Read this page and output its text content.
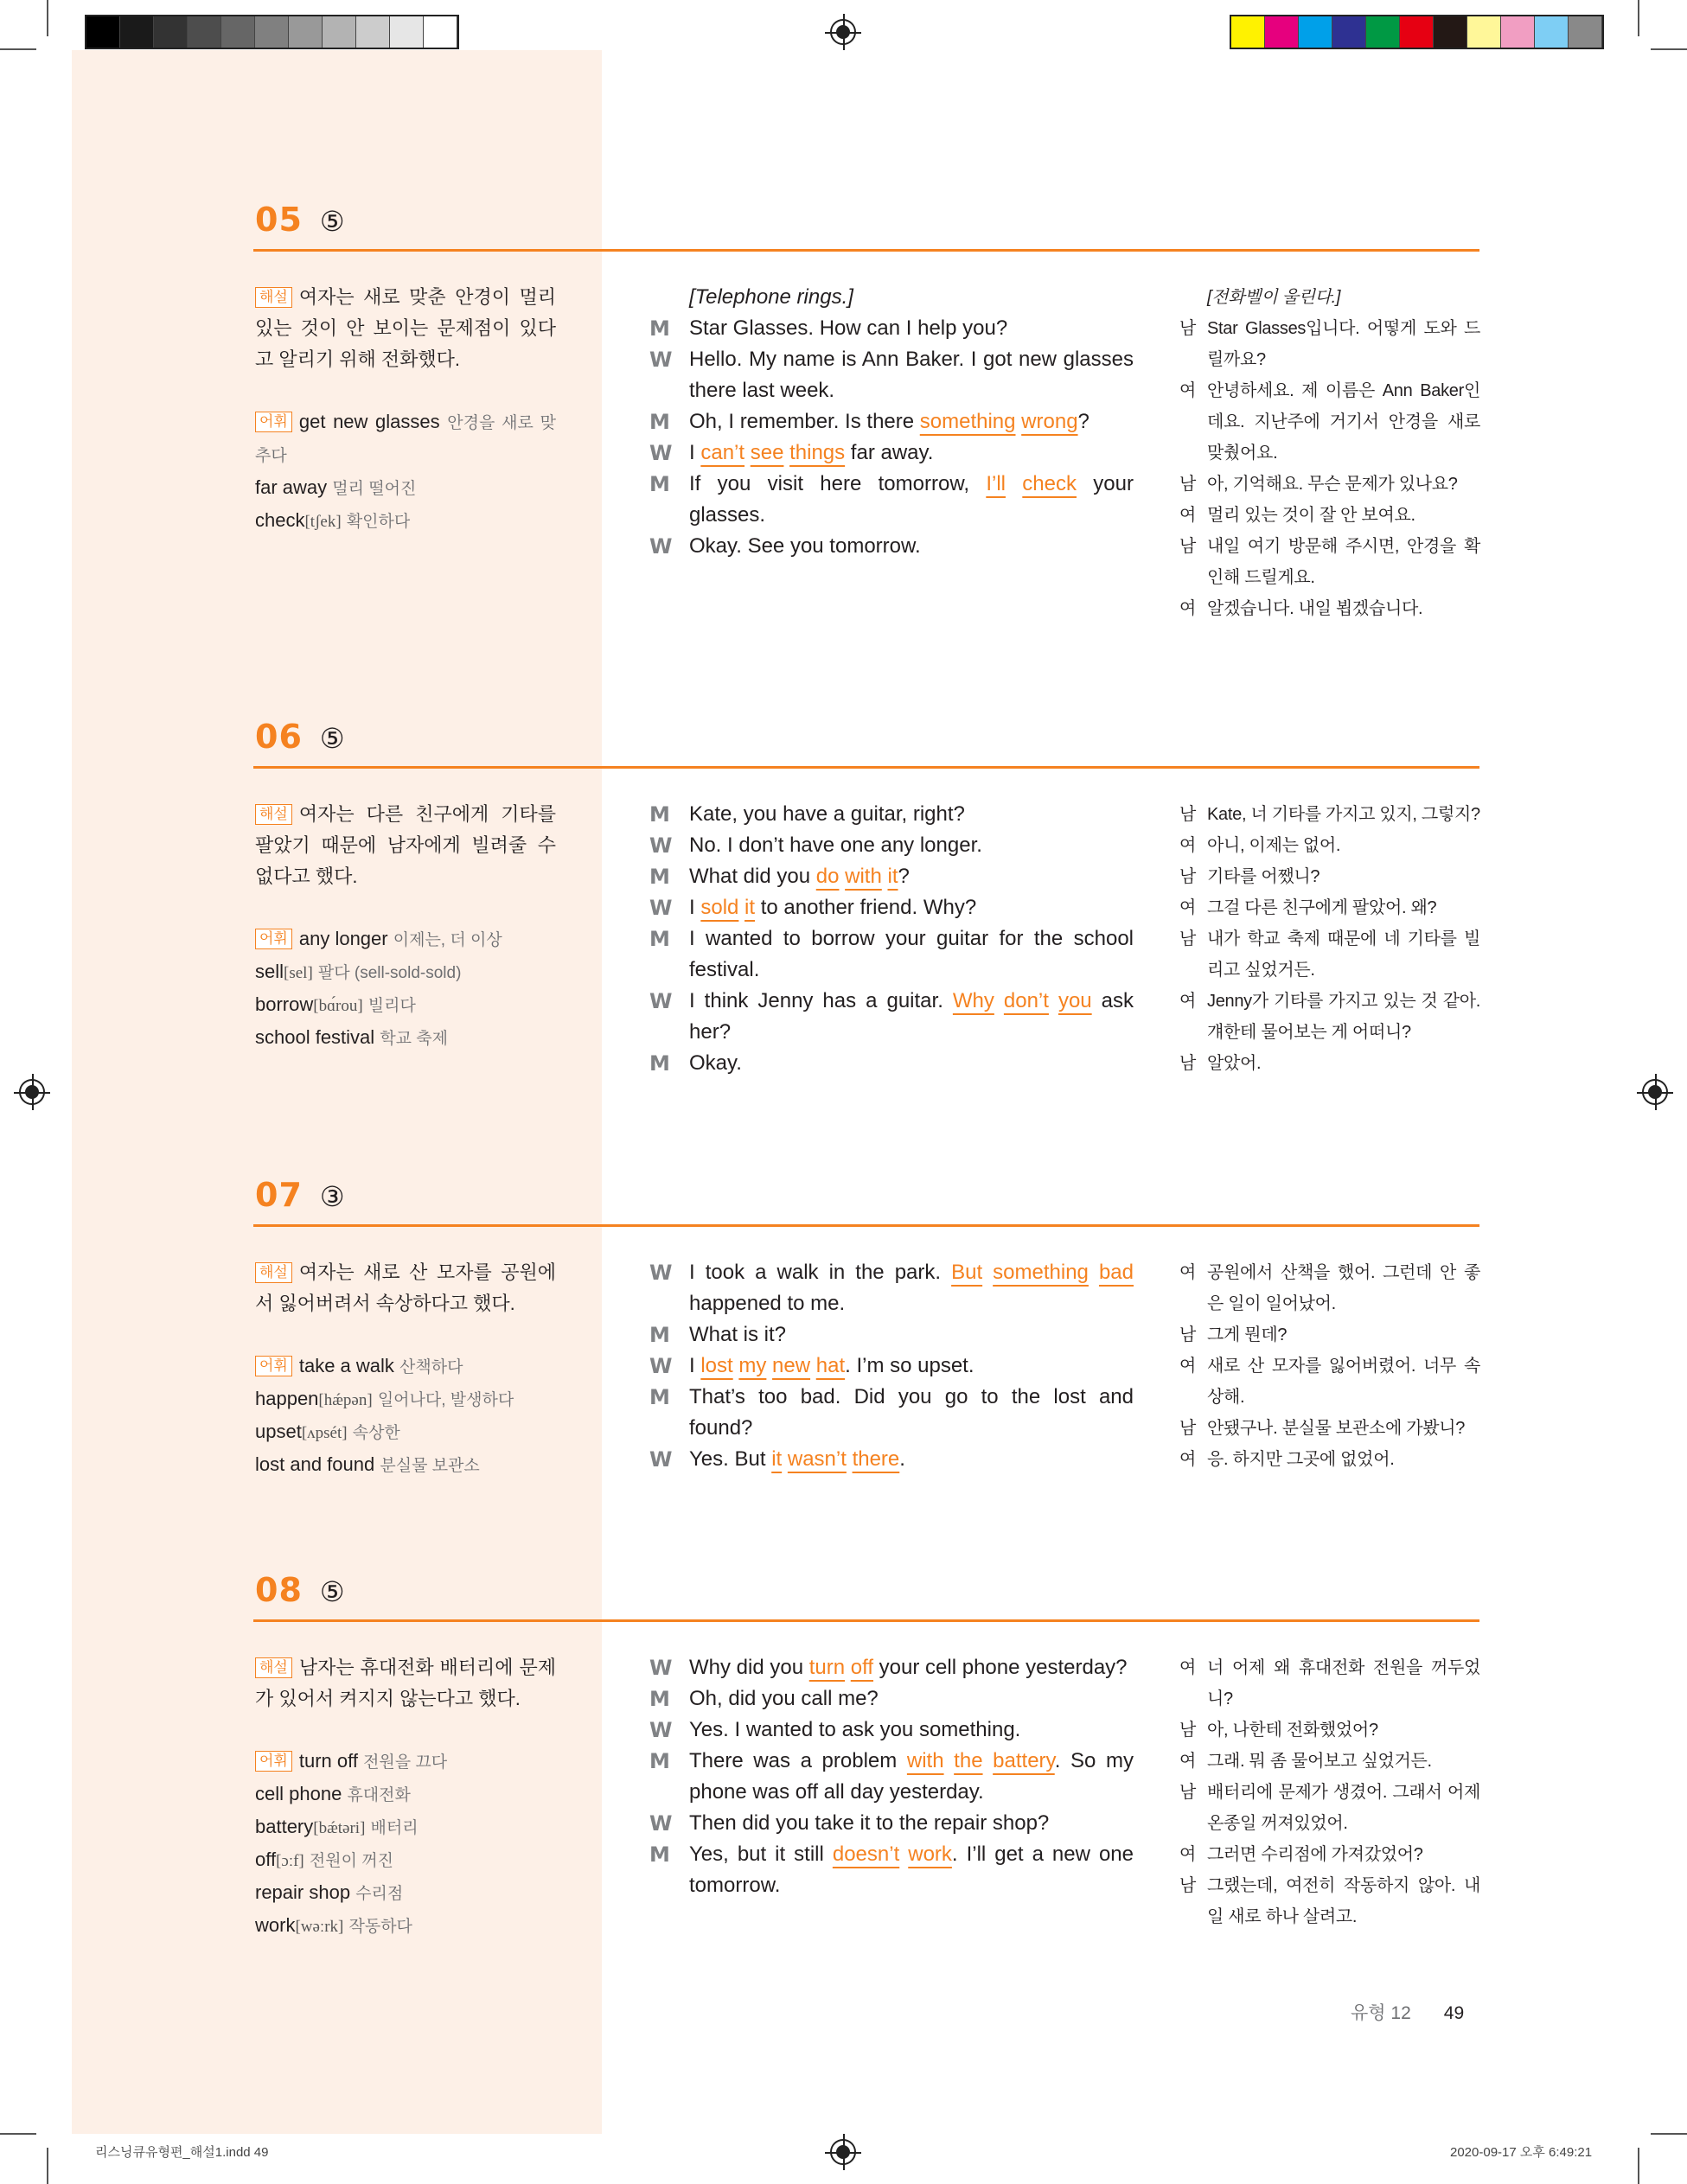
05 ⑤
해설 여자는 새로 맞춘 안경이 멀리 있는 것이 안 보이는 문제점이 있다고 알리기 위해 전화했다.
어휘 get new glasses 안경을 새로 맞추다
far away 멀리 떨어진
check[tʃek] 확인하다
[Telephone rings.]
M Star Glasses. How can I help you?
W Hello. My name is Ann Baker. I got new glasses there last week.
M Oh, I remember. Is there something wrong?
W I can’t see things far away.
M If you visit here tomorrow, I’ll check your glasses.
W Okay. See you tomorrow.
[전화벨이 울린다.]
남 Star Glasses입니다. 어떻게 도와 드릴까요?
여 안녕하세요. 제 이름은 Ann Baker인데요. 지난주에 거기서 안경을 새로 맞췄어요.
남 아, 기억해요. 무슨 문제가 있나요?
여 멀리 있는 것이 잘 안 보여요.
남 내일 여기 방문해 주시면, 안경을 확인해 드릴게요.
여 알겠습니다. 내일 뵙겠습니다.
06 ⑤
해설 여자는 다른 친구에게 기타를 팔았기 때문에 남자에게 빌려줄 수 없다고 했다.
어휘 any longer 이제는, 더 이상
sell[sel] 팔다 (sell-sold-sold)
borrow[bɑ́rou] 빌리다
school festival 학교 축제
M Kate, you have a guitar, right?
W No. I don’t have one any longer.
M What did you do with it?
W I sold it to another friend. Why?
M I wanted to borrow your guitar for the school festival.
W I think Jenny has a guitar. Why don’t you ask her?
M Okay.
남 Kate, 너 기타를 가지고 있지, 그렇지?
여 아니, 이제는 없어.
남 기타를 어쨌니?
여 그걸 다른 친구에게 팔았어. 왜?
남 내가 학교 축제 때문에 네 기타를 빌리고 싶었거든.
여 Jenny가 기타를 가지고 있는 것 같아. 걔한테 물어보는 게 어떠니?
남 알았어.
07 ③
해설 여자는 새로 산 모자를 공원에서 잃어버려서 속상하다고 했다.
어휘 take a walk 산책하다
happen[hǽpən] 일어나다, 발생하다
upset[ʌpsét] 속상한
lost and found 분실물 보관소
W I took a walk in the park. But something bad happened to me.
M What is it?
W I lost my new hat. I’m so upset.
M That’s too bad. Did you go to the lost and found?
W Yes. But it wasn’t there.
여 공원에서 산책을 했어. 그런데 안 좋은 일이 일어났어.
남 그게 뭔데?
여 새로 산 모자를 잃어버렸어. 너무 속상해.
남 안됐구나. 분실물 보관소에 가봤니?
여 응. 하지만 그곳에 없었어.
08 ⑤
해설 남자는 휴대전화 배터리에 문제가 있어서 켜지지 않는다고 했다.
어휘 turn off 전원을 끄다
cell phone 휴대전화
battery[bǽtəri] 배터리
off[ɔːf] 전원이 꺼진
repair shop 수리점
work[wəːrk] 작동하다
W Why did you turn off your cell phone yesterday?
M Oh, did you call me?
W Yes. I wanted to ask you something.
M There was a problem with the battery. So my phone was off all day yesterday.
W Then did you take it to the repair shop?
M Yes, but it still doesn’t work. I’ll get a new one tomorrow.
여 너 어제 왜 휴대전화 전원을 꺼두었니?
남 아, 나한테 전화했었어?
여 그래. 뭐 좀 물어보고 싶었거든.
남 배터리에 문제가 생겼어. 그래서 어제 온종일 꺼져있었어.
여 그러면 수리점에 가져갔었어?
남 그랬는데, 여전히 작동하지 않아. 내일 새로 하나 살려고.
유형 12 49
리스닝큐유형편_해설1.indd 49	2020-09-17 오후 6:49:21
